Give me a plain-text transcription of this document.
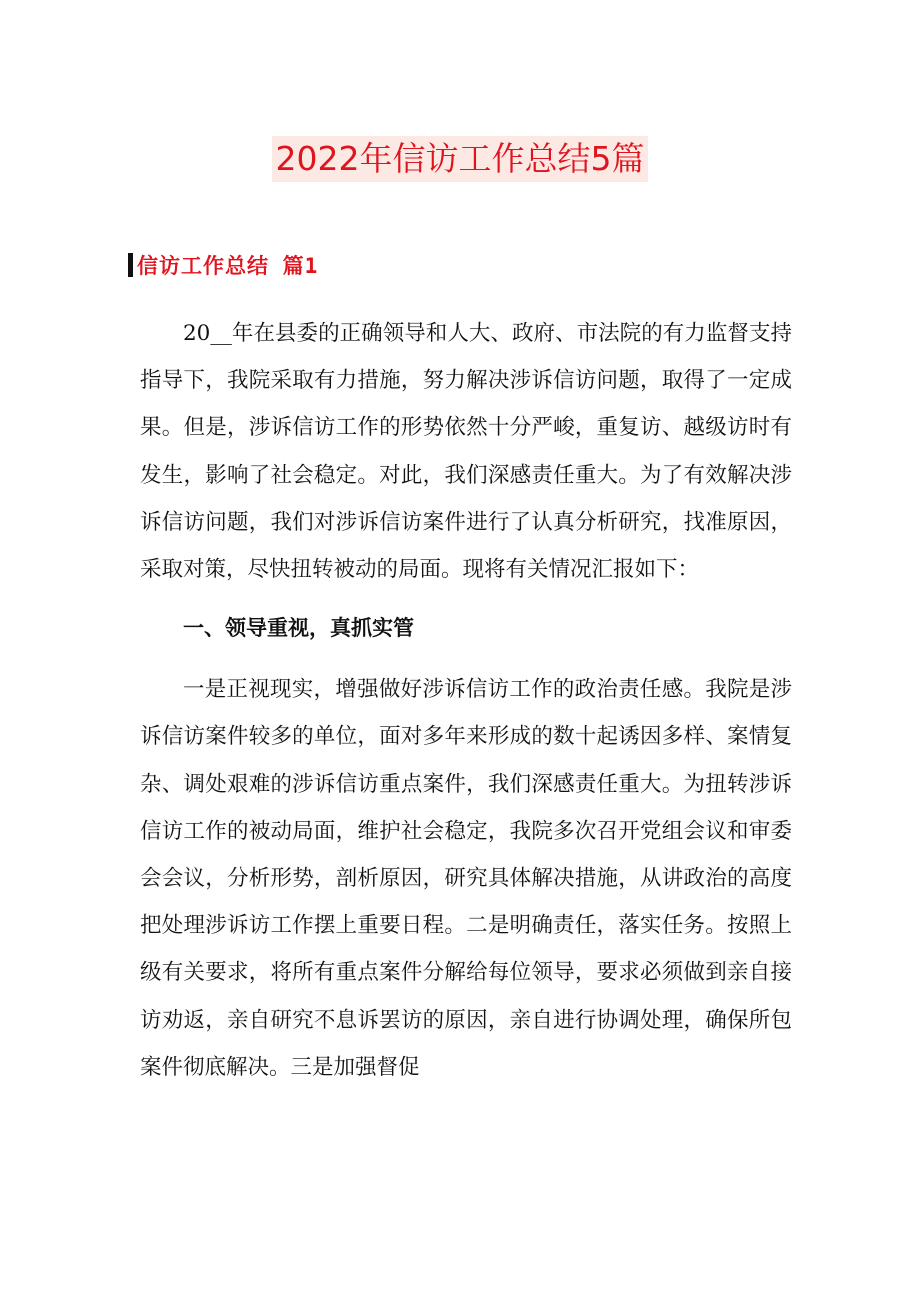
2022年信访工作总结5篇
信访工作总结 篇1

20__年在县委的正确领导和人大、政府、市法院的有力监督支持指导下，我院采取有力措施，努力解决涉诉信访问题，取得了一定成果。但是，涉诉信访工作的形势依然十分严峻，重复访、越级访时有发生，影响了社会稳定。对此，我们深感责任重大。为了有效解决涉诉信访问题，我们对涉诉信访案件进行了认真分析研究，找准原因，采取对策，尽快扭转被动的局面。现将有关情况汇报如下：

一、领导重视，真抓实管

一是正视现实，增强做好涉诉信访工作的政治责任感。我院是涉诉信访案件较多的单位，面对多年来形成的数十起诱因多样、案情复杂、调处艰难的涉诉信访重点案件，我们深感责任重大。为扭转涉诉信访工作的被动局面，维护社会稳定，我院多次召开党组会议和审委会会议，分析形势，剖析原因，研究具体解决措施，从讲政治的高度把处理涉诉访工作摆上重要日程。二是明确责任，落实任务。按照上级有关要求，将所有重点案件分解给每位领导，要求必须做到亲自接访劝返，亲自研究不息诉罢访的原因，亲自进行协调处理，确保所包案件彻底解决。三是加强督促
